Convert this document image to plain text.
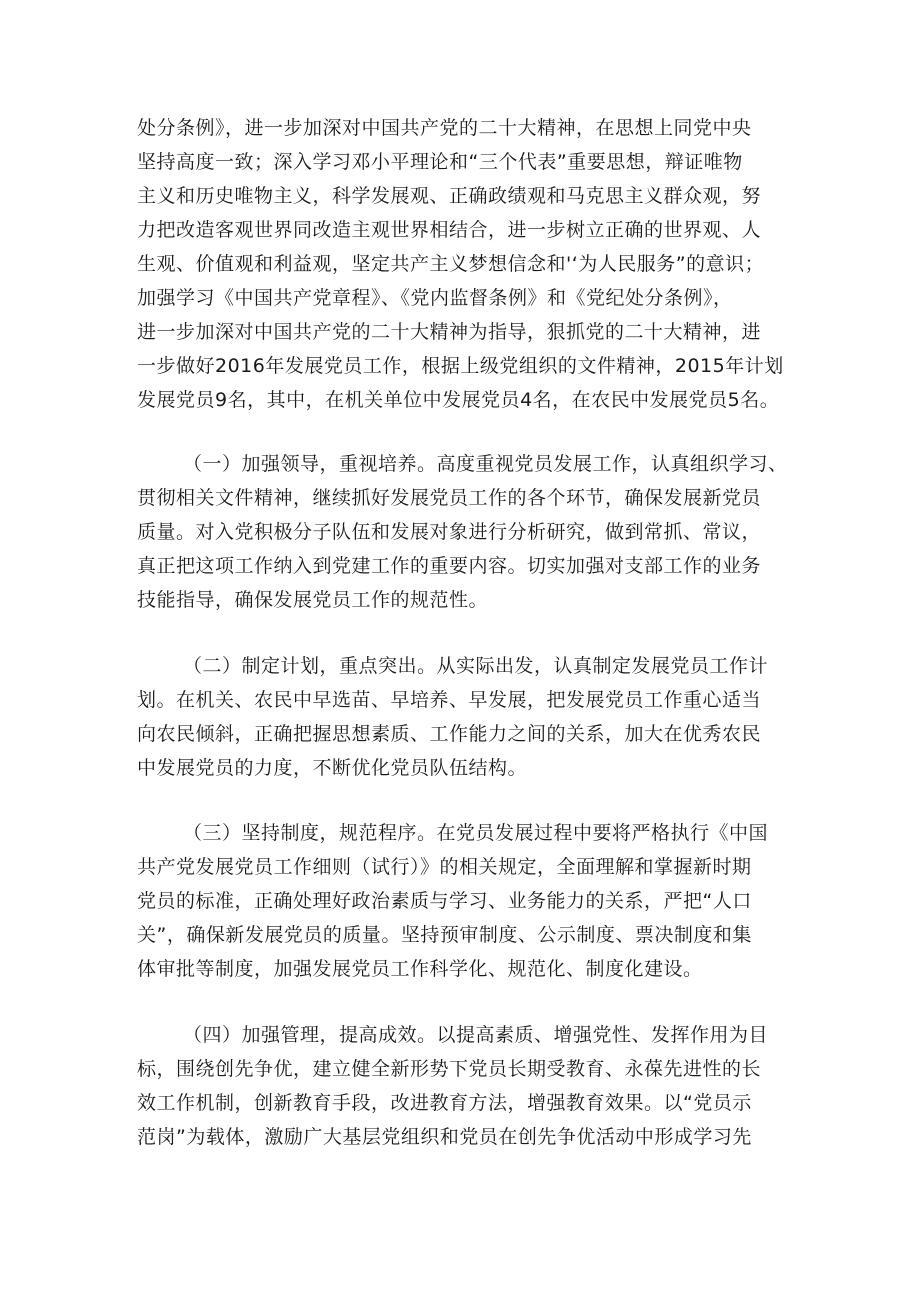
处分条例》，进一步加深对中国共产党的二十大精神，在思想上同党中央
坚持高度一致；深入学习邓小平理论和“三个代表”重要思想，辩证唯物
主义和历史唯物主义，科学发展观、正确政绩观和马克思主义群众观，努
力把改造客观世界同改造主观世界相结合，进一步树立正确的世界观、人
生观、价值观和利益观，坚定共产主义梦想信念和'‘为人民服务”的意识；
加强学习《中国共产党章程》、《党内监督条例》和《党纪处分条例》，
进一步加深对中国共产党的二十大精神为指导，狠抓党的二十大精神，进
一步做好2016年发展党员工作，根据上级党组织的文件精神，2015年计划
发展党员9名，其中，在机关单位中发展党员4名，在农民中发展党员5名。
（一）加强领导，重视培养。高度重视党员发展工作，认真组织学习、
贯彻相关文件精神，继续抓好发展党员工作的各个环节，确保发展新党员
质量。对入党积极分子队伍和发展对象进行分析研究，做到常抓、常议，
真正把这项工作纳入到党建工作的重要内容。切实加强对支部工作的业务
技能指导，确保发展党员工作的规范性。
（二）制定计划，重点突出。从实际出发，认真制定发展党员工作计
划。在机关、农民中早选苗、早培养、早发展，把发展党员工作重心适当
向农民倾斜，正确把握思想素质、工作能力之间的关系，加大在优秀农民
中发展党员的力度，不断优化党员队伍结构。
（三）坚持制度，规范程序。在党员发展过程中要将严格执行《中国
共产党发展党员工作细则（试行）》的相关规定，全面理解和掌握新时期
党员的标准，正确处理好政治素质与学习、业务能力的关系，严把“人口
关”，确保新发展党员的质量。坚持预审制度、公示制度、票决制度和集
体审批等制度，加强发展党员工作科学化、规范化、制度化建设。
（四）加强管理，提高成效。以提高素质、增强党性、发挥作用为目
标，围绕创先争优，建立健全新形势下党员长期受教育、永葆先进性的长
效工作机制，创新教育手段，改进教育方法，增强教育效果。以“党员示
范岗”为载体，激励广大基层党组织和党员在创先争优活动中形成学习先
